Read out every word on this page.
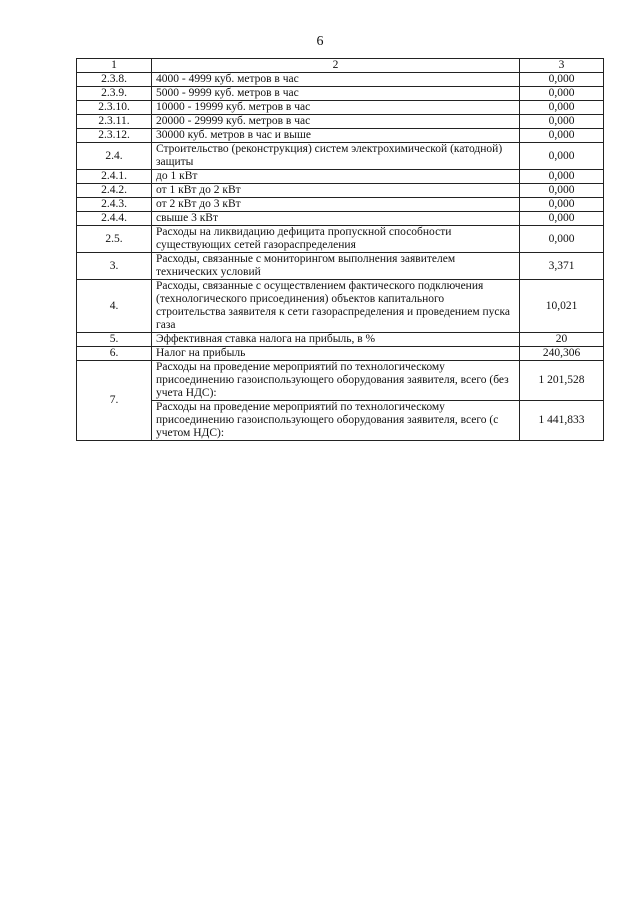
6
1	2	3
2.3.8.	4000 - 4999 куб. метров в час	0,000
2.3.9.	5000 - 9999 куб. метров в час	0,000
2.3.10.	10000 - 19999 куб. метров в час	0,000
2.3.11.	20000 - 29999 куб. метров в час	0,000
2.3.12.	30000 куб. метров в час и выше	0,000
2.4.	Строительство (реконструкция) систем электрохимической (катодной) защиты	0,000
2.4.1.	до 1 кВт	0,000
2.4.2.	от 1 кВт до 2 кВт	0,000
2.4.3.	от 2 кВт до 3 кВт	0,000
2.4.4.	свыше 3 кВт	0,000
2.5.	Расходы на ликвидацию дефицита пропускной способности существующих сетей газораспределения	0,000
3.	Расходы, связанные с мониторингом выполнения заявителем технических условий	3,371
4.	Расходы, связанные с осуществлением фактического подключения (технологического присоединения) объектов капитального строительства заявителя к сети газораспределения и проведением пуска газа	10,021
5.	Эффективная ставка налога на прибыль, в %	20
6.	Налог на прибыль	240,306
7.	Расходы на проведение мероприятий по технологическому присоединению газоиспользующего оборудования заявителя, всего (без учета НДС):	1 201,528
	Расходы на проведение мероприятий по технологическому присоединению газоиспользующего оборудования заявителя, всего (с учетом НДС):	1 441,833
